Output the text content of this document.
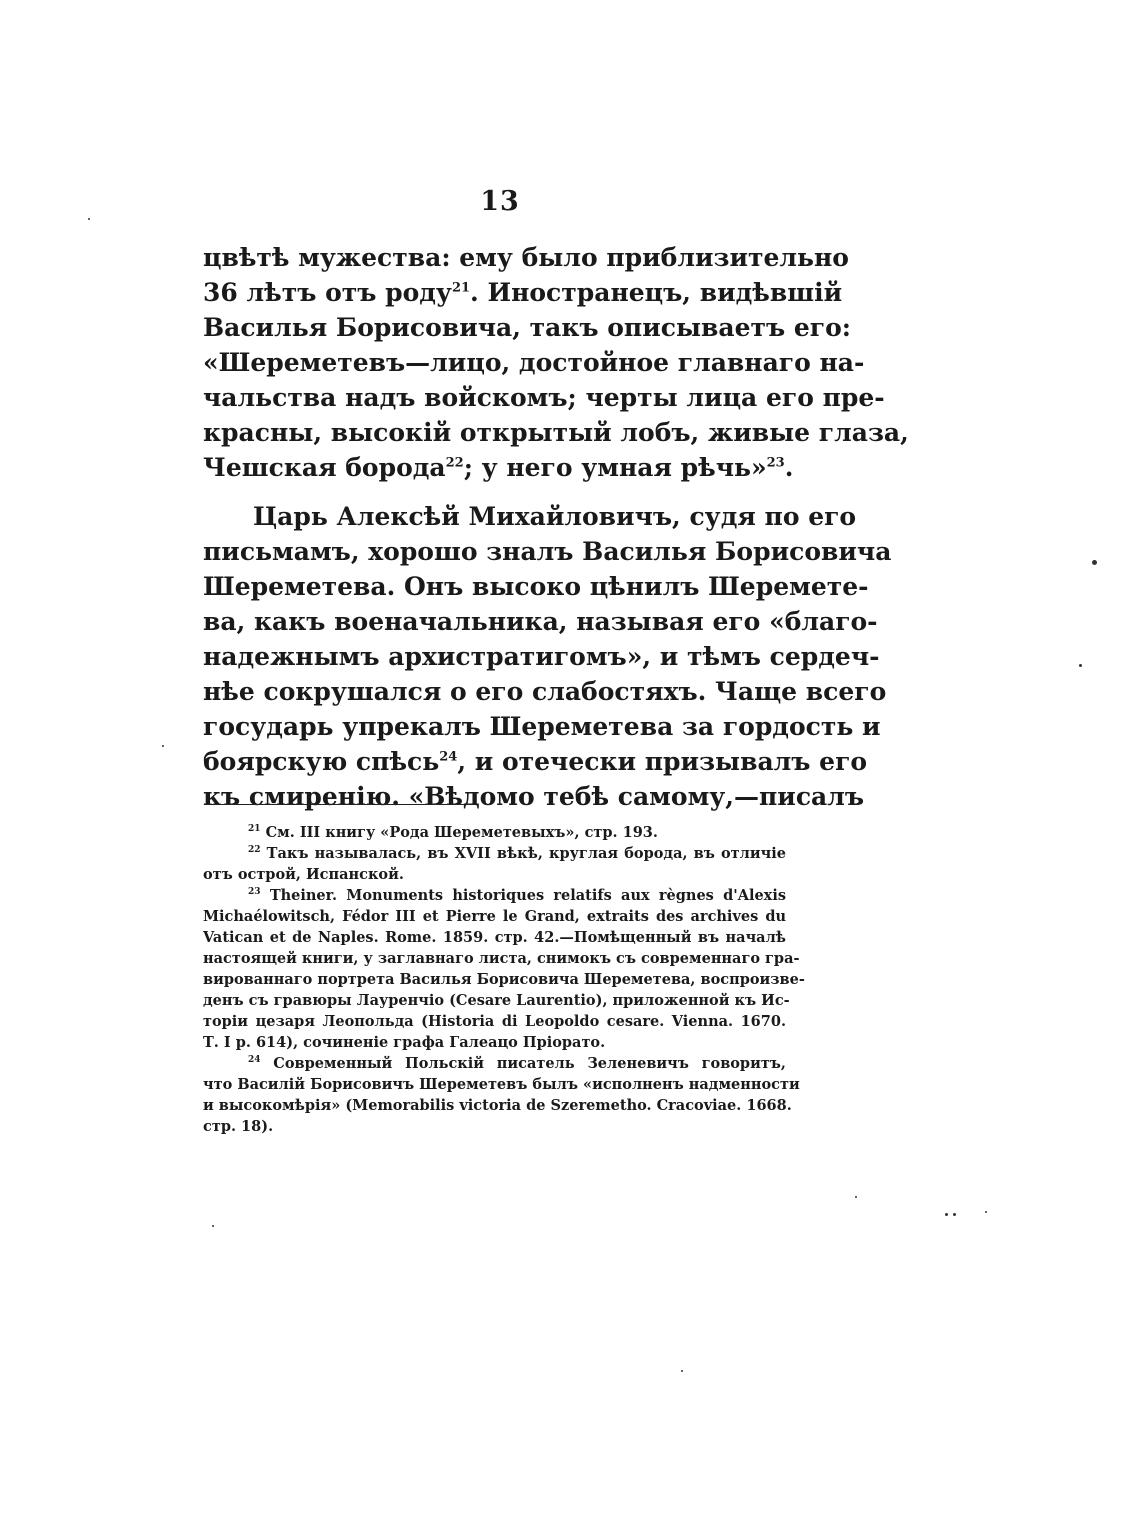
13
цвѣтѣ мужества: ему было приблизительно
36 лѣтъ отъ роду$^{21}$. Иностранецъ, видѣвшій
Василья Борисовича, такъ описываетъ его:
«Шереметевъ—лицо, достойное главнаго на-
чальства надъ войскомъ; черты лица его пре-
красны, высокій открытый лобъ, живые глаза,
Чешская борода$^{22}$; у него умная рѣчь»$^{23}$.
Царь Алексѣй Михайловичъ, судя по его
письмамъ, хорошо зналъ Василья Борисовича
Шереметева. Онъ высоко цѣнилъ Шереметe-
ва, какъ военачальника, называя его «благо-
надежнымъ архистратигомъ», и тѣмъ сердеч-
нѣе сокрушался о его слабостяхъ. Чаще всего
государь упрекалъ Шереметева за гордость и
боярскую спѣсь$^{24}$, и отечески призывалъ его
къ смиренію. «Вѣдомо тебѣ самому,—писалъ
$^{21}$ См. III книгу «Рода Шереметевыхъ», стр. 193.
$^{22}$ Такъ называлась, въ XVII вѣкѣ, круглая борода, въ отличіе
отъ острой, Испанской.
$^{23}$ Theiner. Monuments historiques relatifs aux règnes d'Alexis
Michaélowitsch, Fédor III et Pierre le Grand, extraits des archives du
Vatican et de Naples. Rome. 1859. стр. 42.—Помѣщенный въ началѣ
настоящей книги, у заглавнаго листа, снимокъ съ современнаго гра-
вированнаго портрета Василья Борисовича Шереметева, воспроизве-
денъ съ гравюры Лауренчіо (Cesare Laurentio), приложенной къ Ис-
торіи цезаря Леопольда (Historia di Leopoldo cesare. Vienna. 1670.
Т. I р. 614), сочиненіе графа Галеацо Пріорато.
$^{24}$ Современный Польскій писатель Зеленевичъ говоритъ,
что Василій Борисовичъ Шереметевъ былъ «исполненъ надменности
и высокомѣрія» (Memorabilis victoria de Szeremetho. Cracoviae. 1668.
стр. 18).
